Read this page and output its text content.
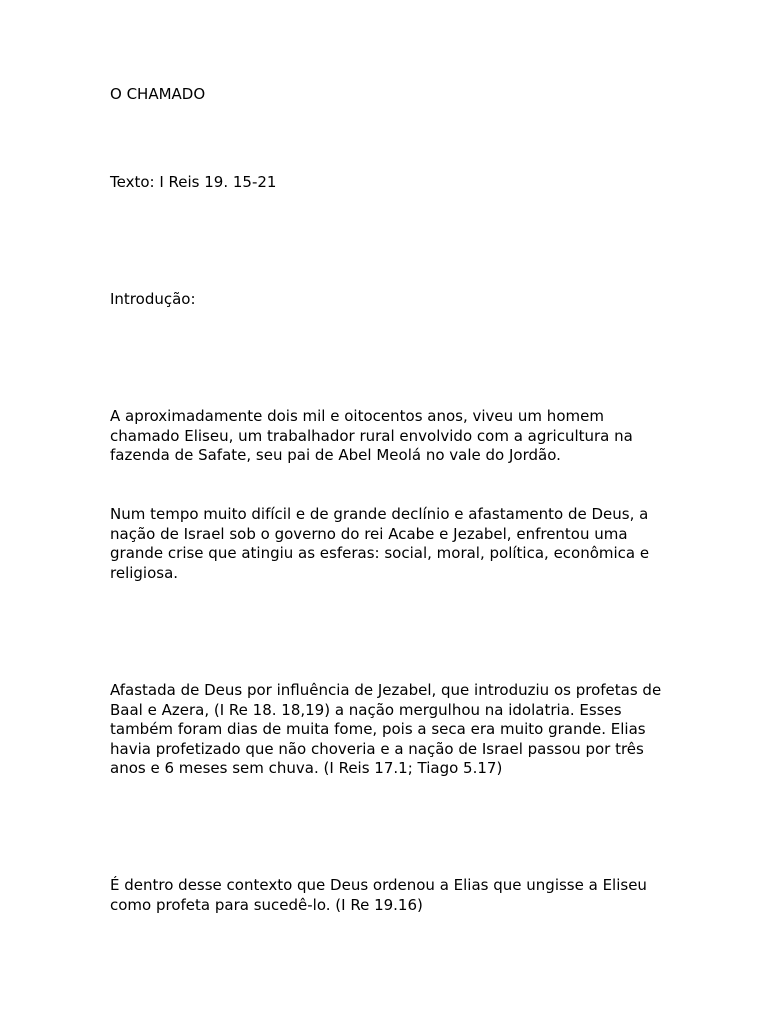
O CHAMADO
Texto: I Reis 19. 15-21
Introdução:
A aproximadamente dois mil e oitocentos anos, viveu um homem chamado Eliseu, um trabalhador rural envolvido com a agricultura na fazenda de Safate, seu pai de Abel Meolá no vale do Jordão.
Num tempo muito difícil e de grande declínio e afastamento de Deus, a nação de Israel sob o governo do rei Acabe e Jezabel, enfrentou uma grande crise que atingiu as esferas: social, moral, política, econômica e religiosa.
Afastada de Deus por influência de Jezabel, que introduziu os profetas de Baal e Azera, (I Re 18. 18,19) a nação mergulhou na idolatria. Esses também foram dias de muita fome, pois a seca era muito grande. Elias havia profetizado que não choveria e a nação de Israel passou por três anos e 6 meses sem chuva. (I Reis 17.1; Tiago 5.17)
É dentro desse contexto que Deus ordenou a Elias que ungisse a Eliseu como profeta para sucedê-lo. (I Re 19.16)
